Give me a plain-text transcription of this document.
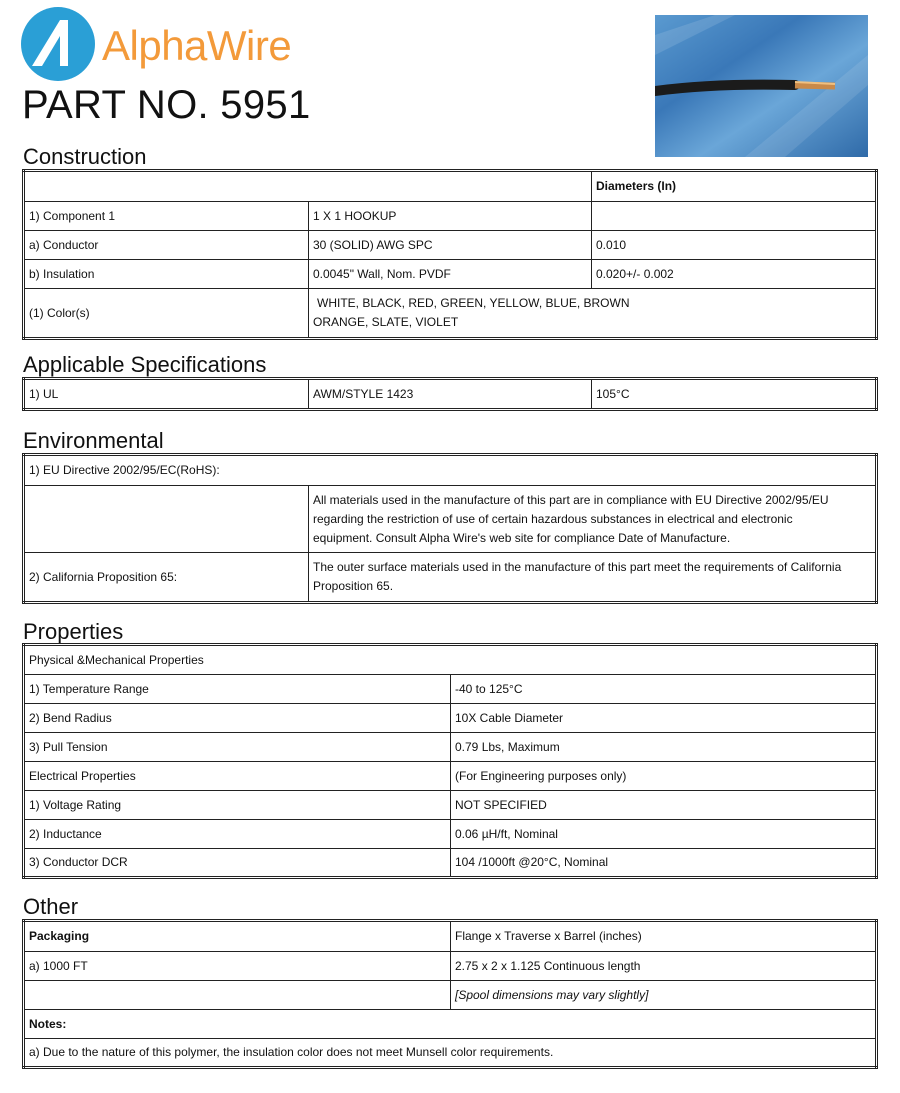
AlphaWire
PART NO. 5951
Construction
		Diameters (In)
1) Component 1	1 X 1 HOOKUP	
a) Conductor	30 (SOLID) AWG SPC	0.010
b) Insulation	0.0045" Wall, Nom. PVDF	0.020+/- 0.002
(1) Color(s)	WHITE, BLACK, RED, GREEN, YELLOW, BLUE, BROWN
ORANGE, SLATE, VIOLET	
Applicable Specifications
1) UL	AWM/STYLE 1423	105°C
Environmental
1) EU Directive 2002/95/EC(RoHS):	
	All materials used in the manufacture of this part are in compliance with EU Directive 2002/95/EU regarding the restriction of use of certain hazardous substances in electrical and electronic equipment. Consult Alpha Wire's web site for compliance Date of Manufacture.
2) California Proposition 65:	The outer surface materials used in the manufacture of this part meet the requirements of California Proposition 65.
Properties
Physical &Mechanical Properties	
1) Temperature Range	-40 to 125°C
2) Bend Radius	10X Cable Diameter
3) Pull Tension	0.79 Lbs, Maximum
Electrical Properties	(For Engineering purposes only)
1) Voltage Rating	NOT SPECIFIED
2) Inductance	0.06 µH/ft, Nominal
3) Conductor DCR	104 /1000ft @20°C, Nominal
Other
Packaging	Flange x Traverse x Barrel (inches)
a) 1000 FT	2.75 x 2 x 1.125 Continuous length
	[Spool dimensions may vary slightly]
Notes:	
a) Due to the nature of this polymer, the insulation color does not meet Munsell color requirements.	
